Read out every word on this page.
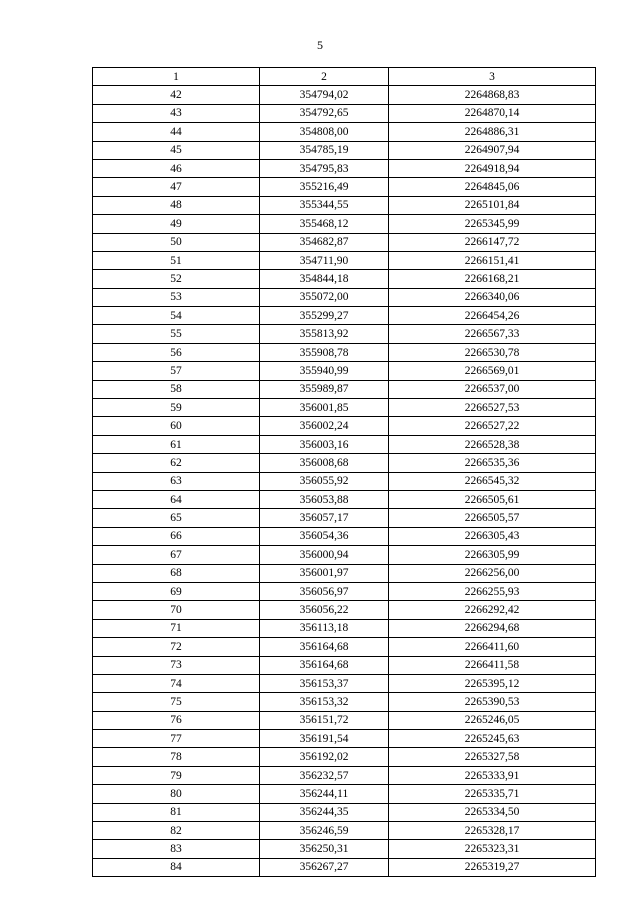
5
1	2	3
42	354794,02	2264868,83
43	354792,65	2264870,14
44	354808,00	2264886,31
45	354785,19	2264907,94
46	354795,83	2264918,94
47	355216,49	2264845,06
48	355344,55	2265101,84
49	355468,12	2265345,99
50	354682,87	2266147,72
51	354711,90	2266151,41
52	354844,18	2266168,21
53	355072,00	2266340,06
54	355299,27	2266454,26
55	355813,92	2266567,33
56	355908,78	2266530,78
57	355940,99	2266569,01
58	355989,87	2266537,00
59	356001,85	2266527,53
60	356002,24	2266527,22
61	356003,16	2266528,38
62	356008,68	2266535,36
63	356055,92	2266545,32
64	356053,88	2266505,61
65	356057,17	2266505,57
66	356054,36	2266305,43
67	356000,94	2266305,99
68	356001,97	2266256,00
69	356056,97	2266255,93
70	356056,22	2266292,42
71	356113,18	2266294,68
72	356164,68	2266411,60
73	356164,68	2266411,58
74	356153,37	2265395,12
75	356153,32	2265390,53
76	356151,72	2265246,05
77	356191,54	2265245,63
78	356192,02	2265327,58
79	356232,57	2265333,91
80	356244,11	2265335,71
81	356244,35	2265334,50
82	356246,59	2265328,17
83	356250,31	2265323,31
84	356267,27	2265319,27
